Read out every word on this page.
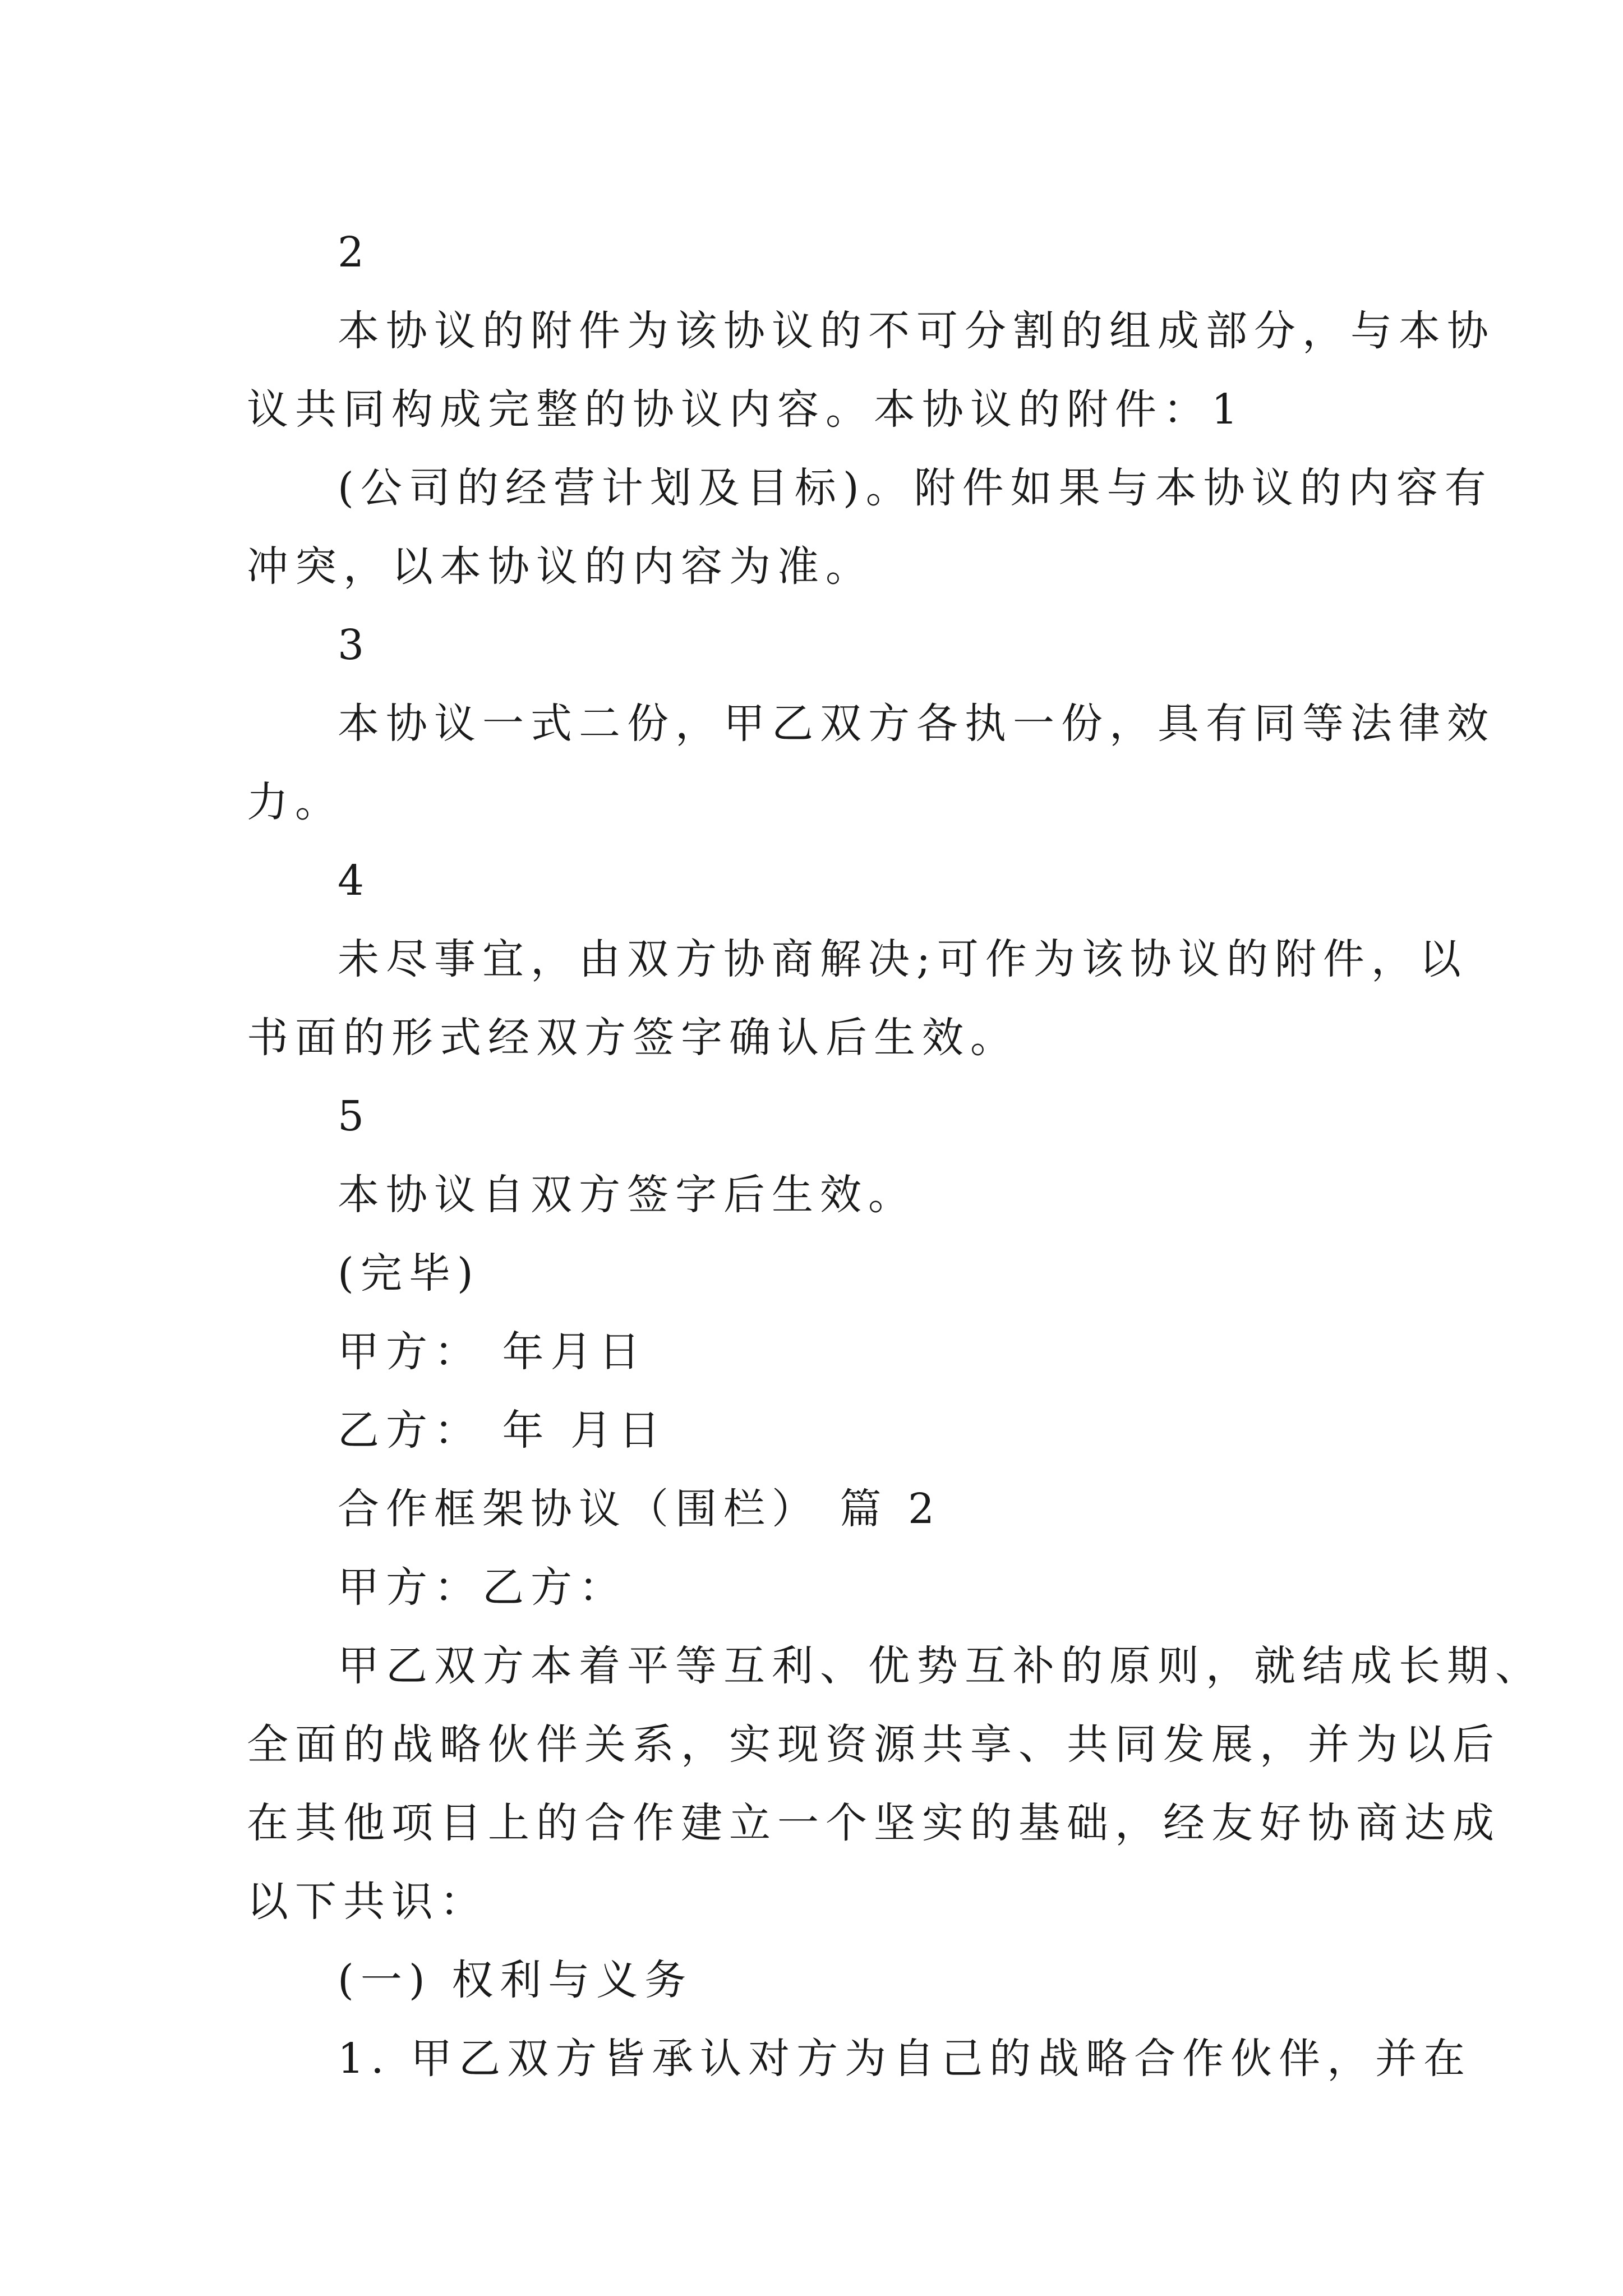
2
本协议的附件为该协议的不可分割的组成部分，与本协
议共同构成完整的协议内容。本协议的附件：1
(公司的经营计划及目标)。附件如果与本协议的内容有
冲突，以本协议的内容为准。
3
本协议一式二份，甲乙双方各执一份，具有同等法律效
力。
4
未尽事宜，由双方协商解决;可作为该协议的附件，以
书面的形式经双方签字确认后生效。
5
本协议自双方签字后生效。
(完毕)
甲方： 年月日
乙方： 年 月日
合作框架协议（围栏） 篇 2
甲方：乙方：
甲乙双方本着平等互利、优势互补的原则，就结成长期、
全面的战略伙伴关系，实现资源共享、共同发展，并为以后
在其他项目上的合作建立一个坚实的基础，经友好协商达成
以下共识：
(一) 权利与义务
1. 甲乙双方皆承认对方为自己的战略合作伙伴，并在
